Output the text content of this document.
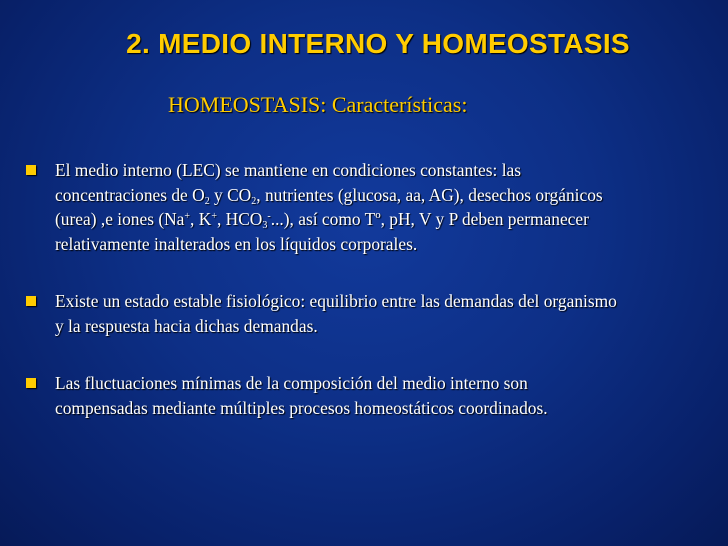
2. MEDIO INTERNO Y HOMEOSTASIS
HOMEOSTASIS: Características:
El medio interno (LEC) se mantiene en condiciones constantes: las
concentraciones de $O_2$ y $CO_2$, nutrientes (glucosa, aa, AG), desechos orgánicos
(urea) ,e iones (Na+, K+, $HCO_3^-$...), así como Tº, pH, V y P deben permanecer
relativamente inalterados en los líquidos corporales.
Existe un estado estable fisiológico: equilibrio entre las demandas del organismo
y la respuesta hacia dichas demandas.
Las fluctuaciones mínimas de la composición del medio interno son
compensadas mediante múltiples procesos homeostáticos coordinados.
